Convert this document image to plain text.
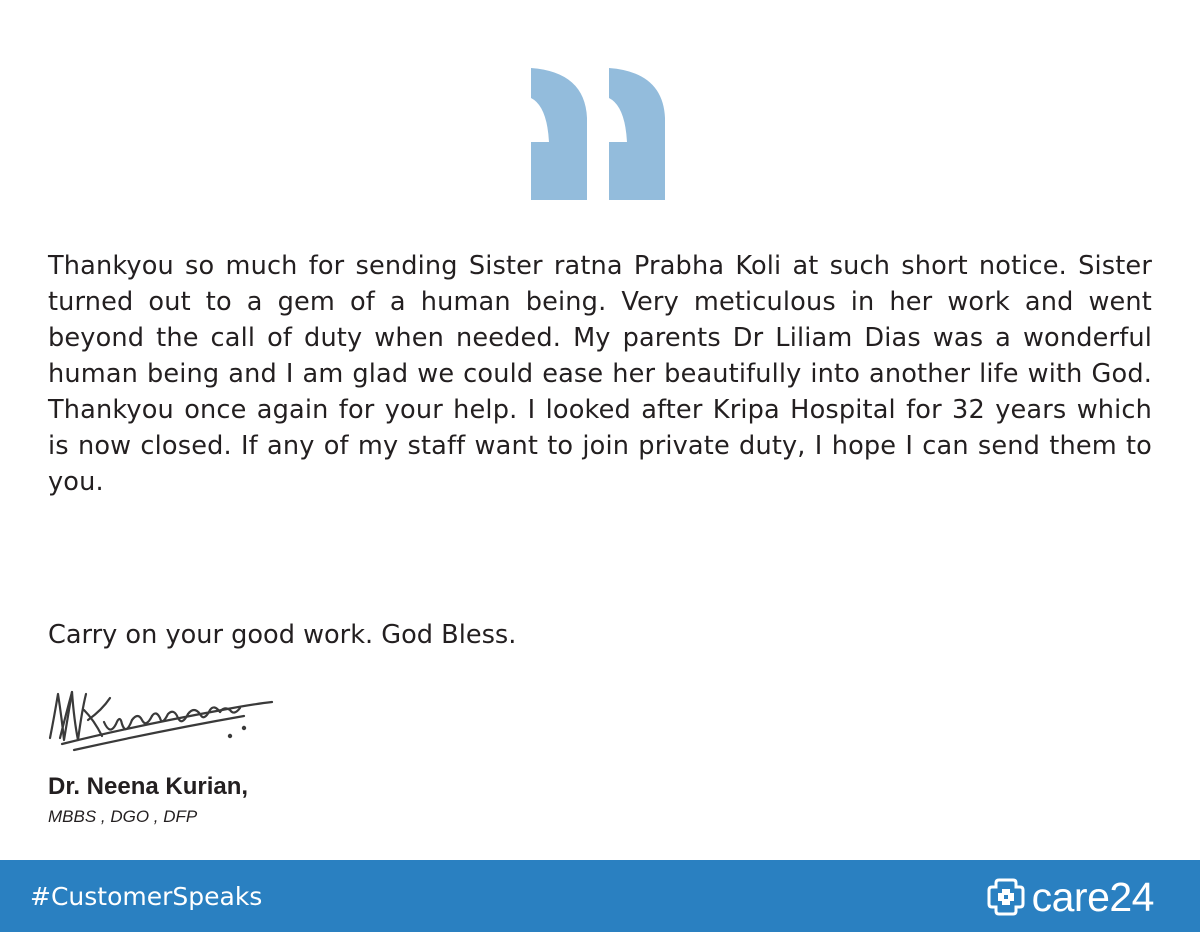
Thankyou so much for sending Sister ratna Prabha Koli at such short notice. Sister turned out to a gem of a human being. Very meticulous in her work and went beyond the call of duty when needed. My parents Dr Liliam Dias was a wonderful human being and I am glad we could ease her beautifully into another life with God. Thankyou once again for your help. I looked after Kripa Hospital for 32 years which is now closed. If any of my staff want to join private duty, I hope I can send them to you.

Carry on your good work. God Bless.

Dr. Neena Kurian,
MBBS , DGO , DFP
#CustomerSpeaks	care24
